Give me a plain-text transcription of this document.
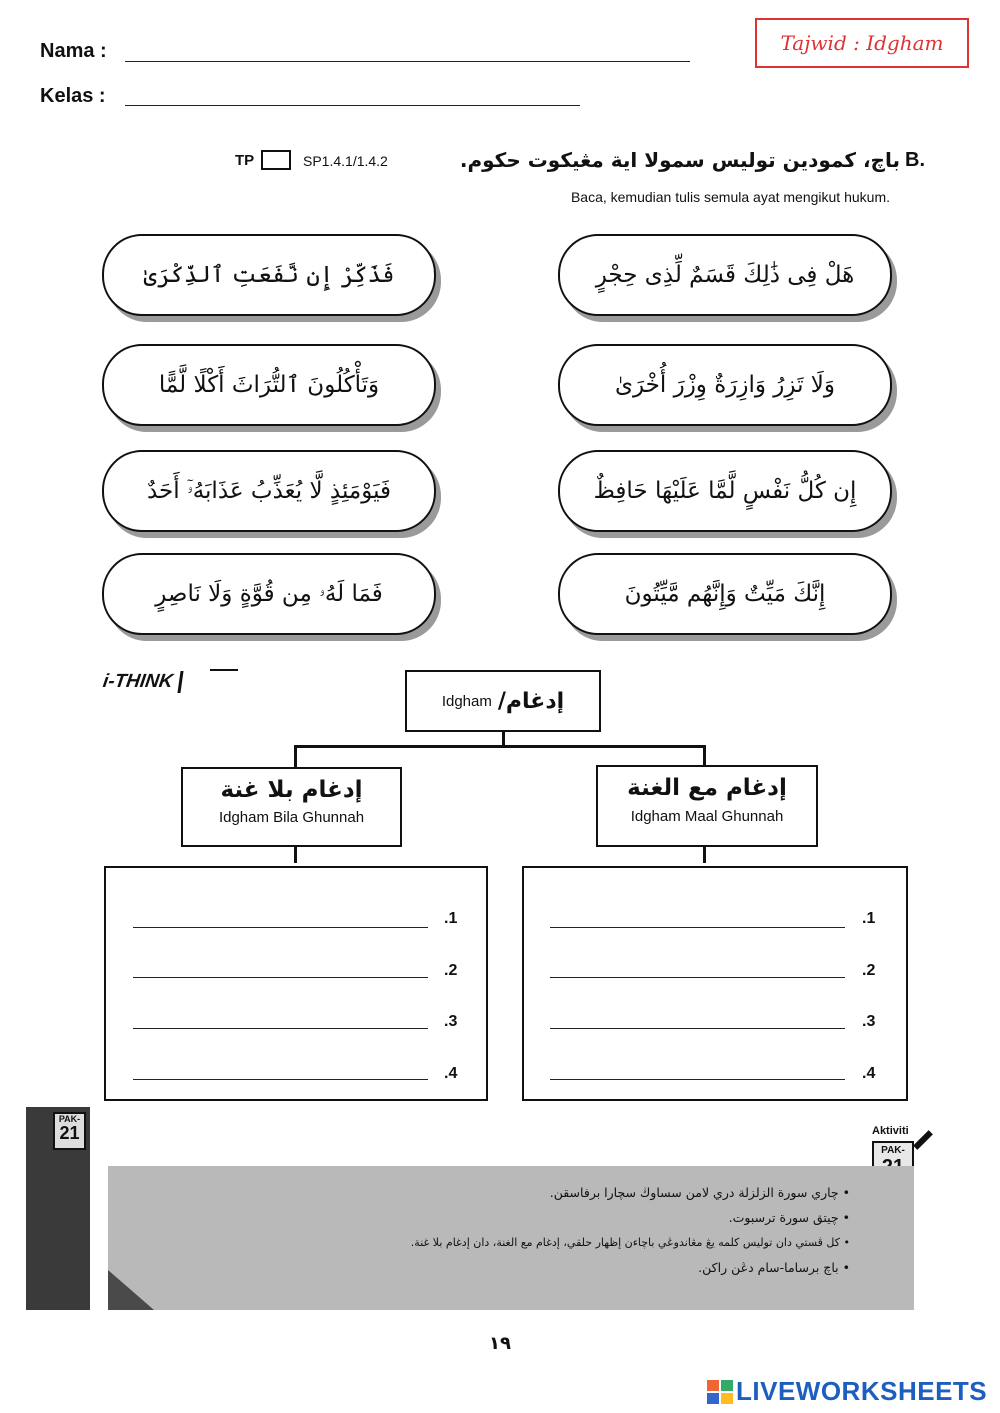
Nama :
Kelas :
Tajwid : Idgham
TP	SP1.4.1/1.4.2	باچ، کمودين توليس سمولا اية مڠيکوت حکوم. B.
Baca, kemudian tulis semula ayat mengikut hukum.
فَذَكِّرْ إِن نَّفَعَتِ ٱلذِّكْرَىٰ	هَلْ فِى ذَٰلِكَ قَسَمٌ لِّذِى حِجْرٍ
وَتَأْكُلُونَ ٱلتُّرَاثَ أَكْلًا لَّمًّا	وَلَا تَزِرُ وَازِرَةٌ وِزْرَ أُخْرَىٰ
فَيَوْمَئِذٍ لَّا يُعَذِّبُ عَذَابَهُۥٓ أَحَدٌ	إِن كُلُّ نَفْسٍ لَّمَّا عَلَيْهَا حَافِظٌ
فَمَا لَهُۥ مِن قُوَّةٍ وَلَا نَاصِرٍ	إِنَّكَ مَيِّتٌ وَإِنَّهُم مَّيِّتُونَ
i-THINK
Idgham إدغام/
إدغام بلا غنة
Idgham Bila Ghunnah
إدغام مع الغنة
Idgham Maal Ghunnah
.1
.2
.3
.4
.1
.2
.3
.4
PAK-
21	Aktiviti
PAK-
• چاري سورة الزلزلة دري لامن سساوڬ سچارا برفاسقن.
• چيتق سورة ترسبوت.
• کل ڤستي دان توليس کلمه يڠ مڠاندوڠي باچاءن إظهار حلقي، إدغام مع الغنة، دان إدغام بلا غنة.
• باچ برساما-سام دڠن راکن.
١٩
LIVEWORKSHEETS
